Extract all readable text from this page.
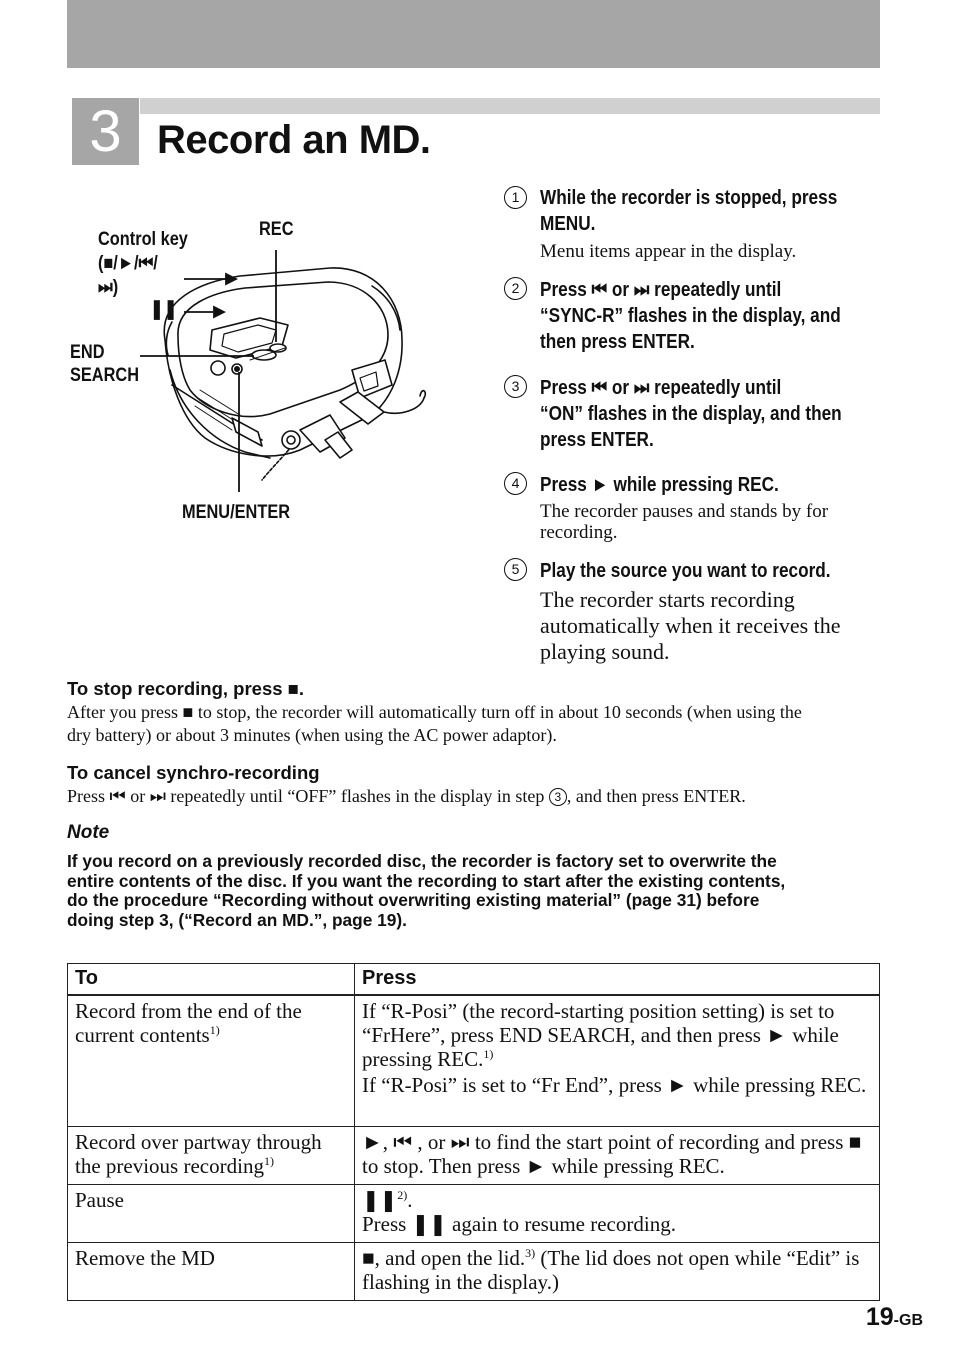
3 Record an MD.
Control key
(■/►/⏮/
⏭)
❚❚
REC
END
SEARCH
MENU/ENTER
1	While the recorder is stopped, press
MENU.
Menu items appear in the display.
2	Press ⏮ or ⏭ repeatedly until
“SYNC-R” flashes in the display, and
then press ENTER.
3	Press ⏮ or ⏭ repeatedly until
“ON” flashes in the display, and then
press ENTER.
4	Press ► while pressing REC.
The recorder pauses and stands by for
recording.
5	Play the source you want to record.
The recorder starts recording
automatically when it receives the
playing sound.
To stop recording, press ■.
After you press ■ to stop, the recorder will automatically turn off in about 10 seconds (when using the
dry battery) or about 3 minutes (when using the AC power adaptor).
To cancel synchro-recording
Press ⏮ or ⏭ repeatedly until “OFF” flashes in the display in step 3 , and then press ENTER.
Note
If you record on a previously recorded disc, the recorder is factory set to overwrite the
entire contents of the disc. If you want the recording to start after the existing contents,
do the procedure “Recording without overwriting existing material” (page 31) before
doing step 3, (“Record an MD.”, page 19).
To	Press
Record from the end of the current contents$^{1)}$	If “R-Posi” (the record-starting position setting) is set to “FrHere”, press END SEARCH, and then press ► while pressing REC.$^{1)}$
If “R-Posi” is set to “Fr End”, press ► while pressing REC.

Record over partway through the previous recording$^{1)}$	►, ⏮ , or ⏭ to find the start point of recording and press ■ to stop. Then press ► while pressing REC.

Pause	❚❚$^{2)}$.
Press ❚❚ again to resume recording.

Remove the MD	■, and open the lid.$^{3)}$ (The lid does not open while “Edit” is flashing in the display.)
19-GB
